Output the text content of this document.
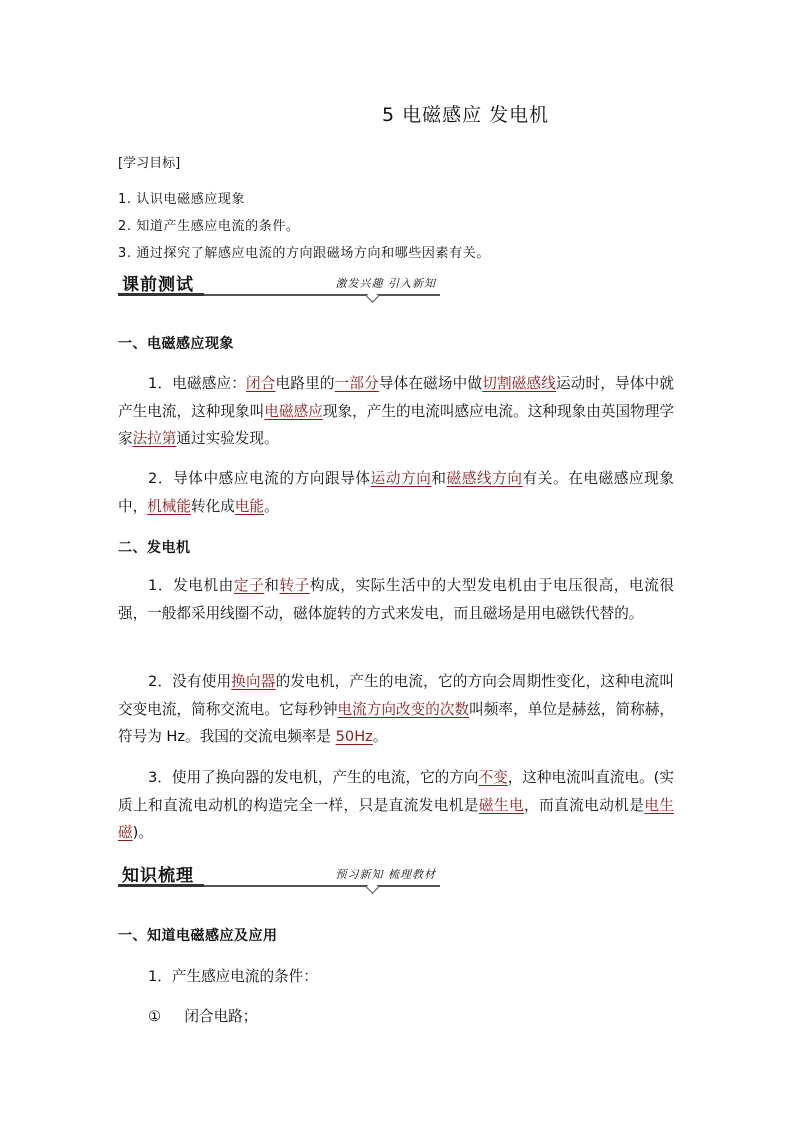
5 电磁感应 发电机
[学习目标]
1. 认识电磁感应现象
2. 知道产生感应电流的条件。
3. 通过探究了解感应电流的方向跟磁场方向和哪些因素有关。
课前测试	激发兴趣 引入新知
一、电磁感应现象
1．电磁感应：闭合电路里的一部分导体在磁场中做切割磁感线运动时，导体中就产生电流，这种现象叫电磁感应现象，产生的电流叫感应电流。这种现象由英国物理学家法拉第通过实验发现。
2．导体中感应电流的方向跟导体运动方向和磁感线方向有关。在电磁感应现象中，机械能转化成电能。
二、发电机
1．发电机由定子和转子构成，实际生活中的大型发电机由于电压很高，电流很强，一般都采用线圈不动，磁体旋转的方式来发电，而且磁场是用电磁铁代替的。
2．没有使用换向器的发电机，产生的电流，它的方向会周期性变化，这种电流叫交变电流，简称交流电。它每秒钟电流方向改变的次数叫频率，单位是赫兹，简称赫，符号为 Hz。我国的交流电频率是 50Hz。
3．使用了换向器的发电机，产生的电流，它的方向不变，这种电流叫直流电。(实质上和直流电动机的构造完全一样，只是直流发电机是磁生电，而直流电动机是电生磁)。
知识梳理	预习新知 梳理教材
一、知道电磁感应及应用
1．产生感应电流的条件：
① 闭合电路；
